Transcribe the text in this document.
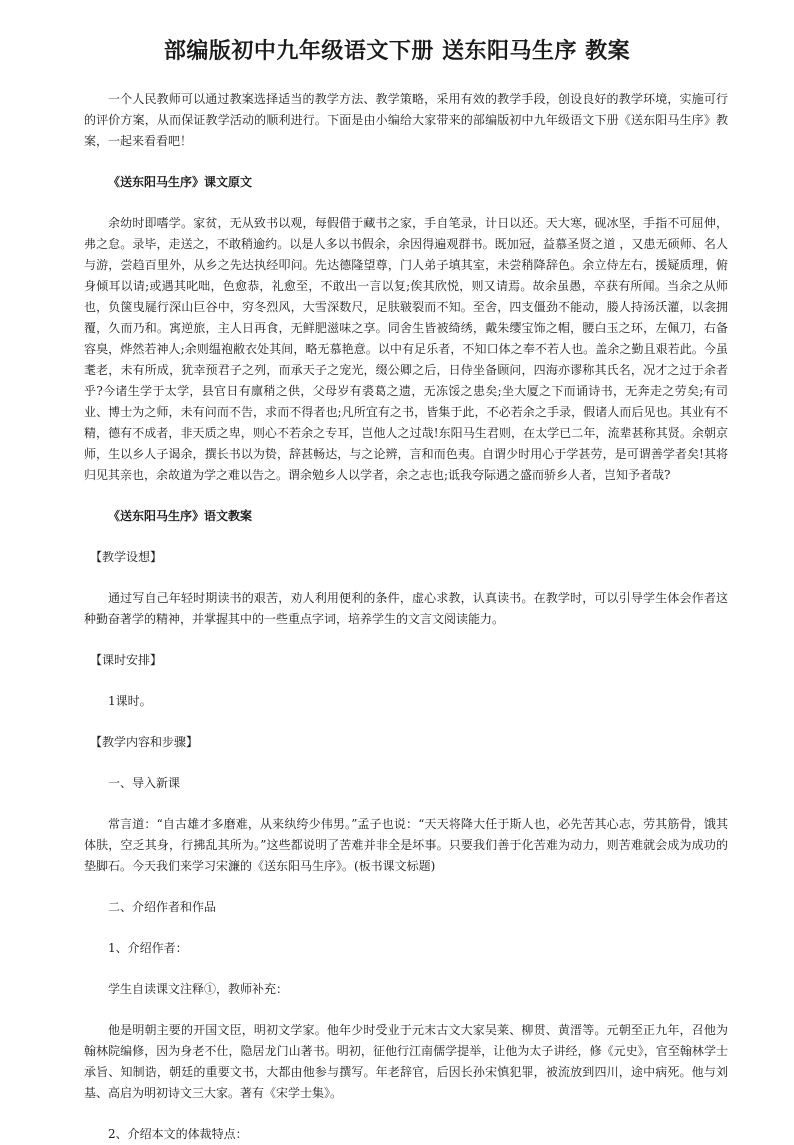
部编版初中九年级语文下册 送东阳马生序 教案

一个人民教师可以通过教案选择适当的教学方法、教学策略，采用有效的教学手段，创设良好的教学环境，实施可行的评价方案，从而保证教学活动的顺利进行。下面是由小编给大家带来的部编版初中九年级语文下册《送东阳马生序》教案，一起来看看吧！

《送东阳马生序》课文原文

余幼时即嗜学。家贫，无从致书以观，每假借于藏书之家，手自笔录，计日以还。天大寒，砚冰坚，手指不可屈伸，弗之怠。录毕，走送之，不敢稍逾约。以是人多以书假余，余因得遍观群书。既加冠，益慕圣贤之道 ，又患无硕师、名人与游，尝趋百里外，从乡之先达执经叩问。先达德隆望尊，门人弟子填其室，未尝稍降辞色。余立侍左右，援疑质理，俯身倾耳以请;或遇其叱咄，色愈恭，礼愈至，不敢出一言以复;俟其欣悦，则又请焉。故余虽愚，卒获有所闻。当余之从师也，负箧曳屣行深山巨谷中，穷冬烈风，大雪深数尺，足肤皲裂而不知。至舍，四支僵劲不能动，媵人持汤沃灌，以衾拥覆，久而乃和。寓逆旅，主人日再食，无鲜肥滋味之享。同舍生皆被绮绣，戴朱缨宝饰之帽，腰白玉之环，左佩刀，右备容臭，烨然若神人;余则缊袍敝衣处其间，略无慕艳意。以中有足乐者，不知口体之奉不若人也。盖余之勤且艰若此。今虽耄老，未有所成，犹幸预君子之列，而承天子之宠光，缀公卿之后，日侍坐备顾问，四海亦谬称其氏名，况才之过于余者乎?今诸生学于太学，县官日有廪稍之供，父母岁有裘葛之遗，无冻馁之患矣;坐大厦之下而诵诗书，无奔走之劳矣;有司业、博士为之师，未有问而不告，求而不得者也;凡所宜有之书，皆集于此，不必若余之手录，假诸人而后见也。其业有不精，德有不成者，非天质之卑，则心不若余之专耳，岂他人之过哉!东阳马生君则，在太学已二年，流辈甚称其贤。余朝京师，生以乡人子谒余，撰长书以为贽，辞甚畅达，与之论辨，言和而色夷。自谓少时用心于学甚劳，是可谓善学者矣!其将归见其亲也，余故道为学之难以告之。谓余勉乡人以学者，余之志也;诋我夸际遇之盛而骄乡人者，岂知予者哉?

《送东阳马生序》语文教案

【教学设想】

通过写自己年轻时期读书的艰苦，劝人利用便利的条件，虚心求教，认真读书。在教学时，可以引导学生体会作者这种勤奋著学的精神，并掌握其中的一些重点字词，培养学生的文言文阅读能力。

【课时安排】

1课时。

【教学内容和步骤】

一、导入新课

常言道：“自古雄才多磨难，从来纨绔少伟男。”孟子也说：“天天将降大任于斯人也，必先苦其心志，劳其筋骨，饿其体肤，空乏其身，行拂乱其所为。”这些都说明了苦难并非全是坏事。只要我们善于化苦难为动力，则苦难就会成为成功的垫脚石。今天我们来学习宋濂的《送东阳马生序》。(板书课文标题)

二、介绍作者和作品

1、介绍作者：

学生自读课文注释①，教师补充：

他是明朝主要的开国文臣，明初文学家。他年少时受业于元末古文大家吴莱、柳贯、黄溍等。元朝至正九年，召他为翰林院编修，因为身老不仕，隐居龙门山著书。明初，征他行江南儒学提举，让他为太子讲经，修《元史》，官至翰林学士承旨、知制诰，朝廷的重要文书，大都由他参与撰写。年老辞官，后因长孙宋慎犯罪，被流放到四川，途中病死。他与刘基、高启为明初诗文三大家。著有《宋学士集》。

2、介绍本文的体裁特点：
